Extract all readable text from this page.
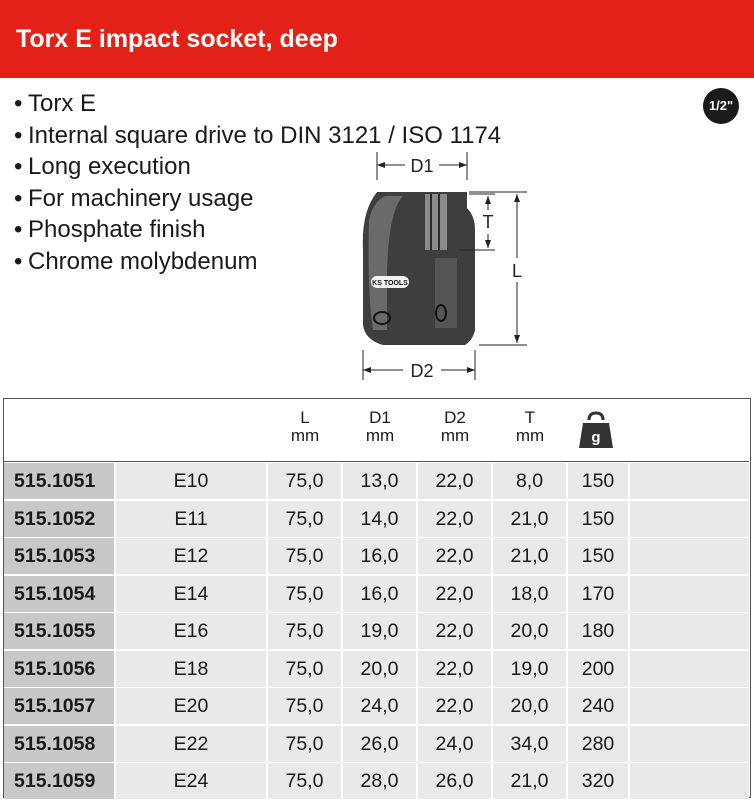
Torx E impact socket, deep
• Torx E
• Internal square drive to DIN 3121 / ISO 1174
• Long execution
• For machinery usage
• Phosphate finish
• Chrome molybdenum
1/2"
D1
KS TOOLS
T
L
D2
L
mm
D1
mm
D2
mm
T
mm	g
515.1051	E10	75,0	13,0	22,0	8,0	150
515.1052	E11	75,0	14,0	22,0	21,0	150
515.1053	E12	75,0	16,0	22,0	21,0	150
515.1054	E14	75,0	16,0	22,0	18,0	170
515.1055	E16	75,0	19,0	22,0	20,0	180
515.1056	E18	75,0	20,0	22,0	19,0	200
515.1057	E20	75,0	24,0	22,0	20,0	240
515.1058	E22	75,0	26,0	24,0	34,0	280
515.1059	E24	75,0	28,0	26,0	21,0	320
